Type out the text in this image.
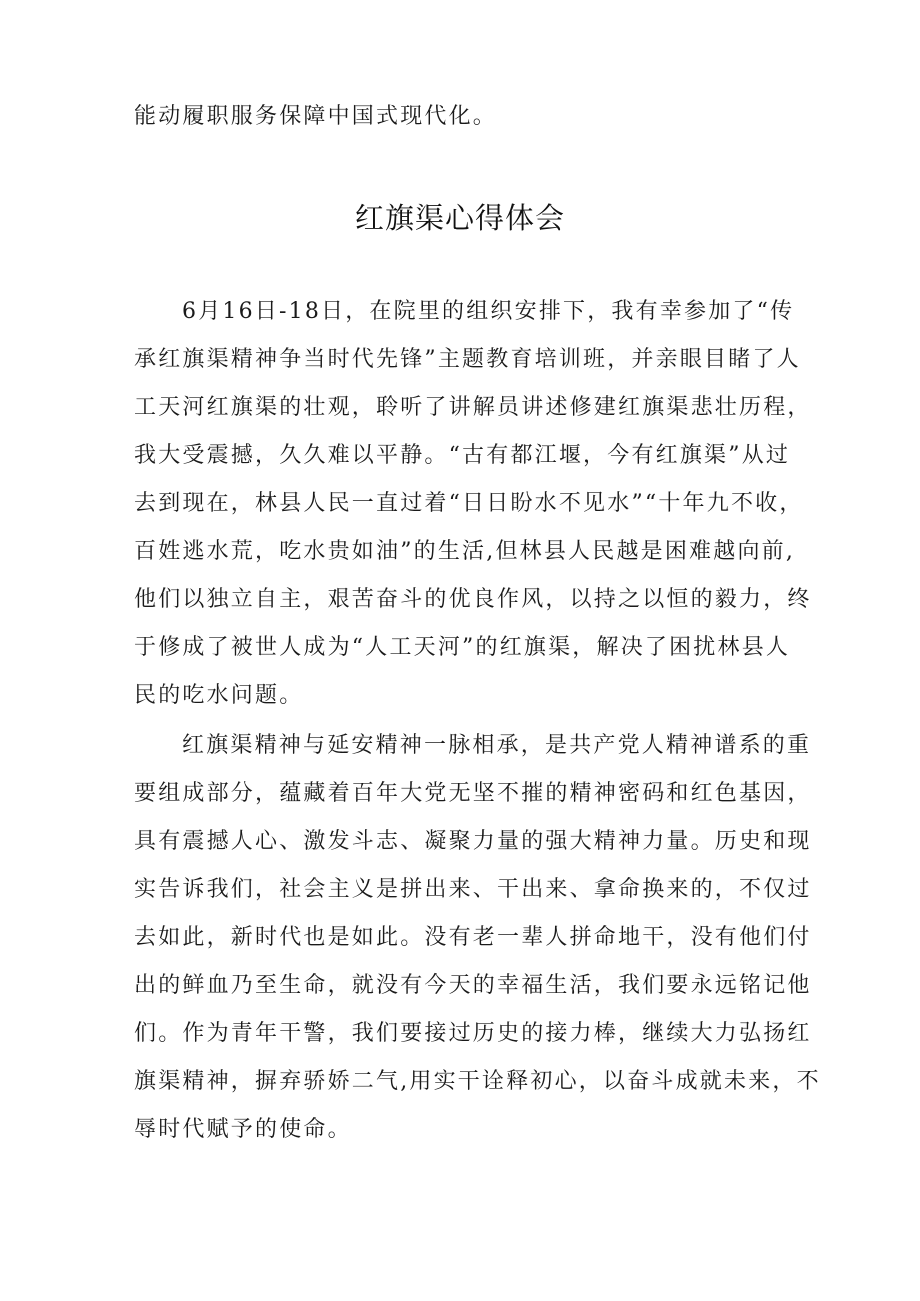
能动履职服务保障中国式现代化。
红旗渠心得体会
6月16日-18日，在院里的组织安排下，我有幸参加了“传
承红旗渠精神争当时代先锋”主题教育培训班，并亲眼目睹了人
工天河红旗渠的壮观，聆听了讲解员讲述修建红旗渠悲壮历程，
我大受震撼，久久难以平静。“古有都江堰，今有红旗渠”从过
去到现在，林县人民一直过着“日日盼水不见水”“十年九不收，
百姓逃水荒，吃水贵如油”的生活,但林县人民越是困难越向前,
他们以独立自主，艰苦奋斗的优良作风，以持之以恒的毅力，终
于修成了被世人成为“人工天河”的红旗渠，解决了困扰林县人
民的吃水问题。
红旗渠精神与延安精神一脉相承，是共产党人精神谱系的重
要组成部分，蕴藏着百年大党无坚不摧的精神密码和红色基因，
具有震撼人心、激发斗志、凝聚力量的强大精神力量。历史和现
实告诉我们，社会主义是拼出来、干出来、拿命换来的，不仅过
去如此，新时代也是如此。没有老一辈人拼命地干，没有他们付
出的鲜血乃至生命，就没有今天的幸福生活，我们要永远铭记他
们。作为青年干警，我们要接过历史的接力棒，继续大力弘扬红
旗渠精神，摒弃骄娇二气,用实干诠释初心，以奋斗成就未来，不
辱时代赋予的使命。
